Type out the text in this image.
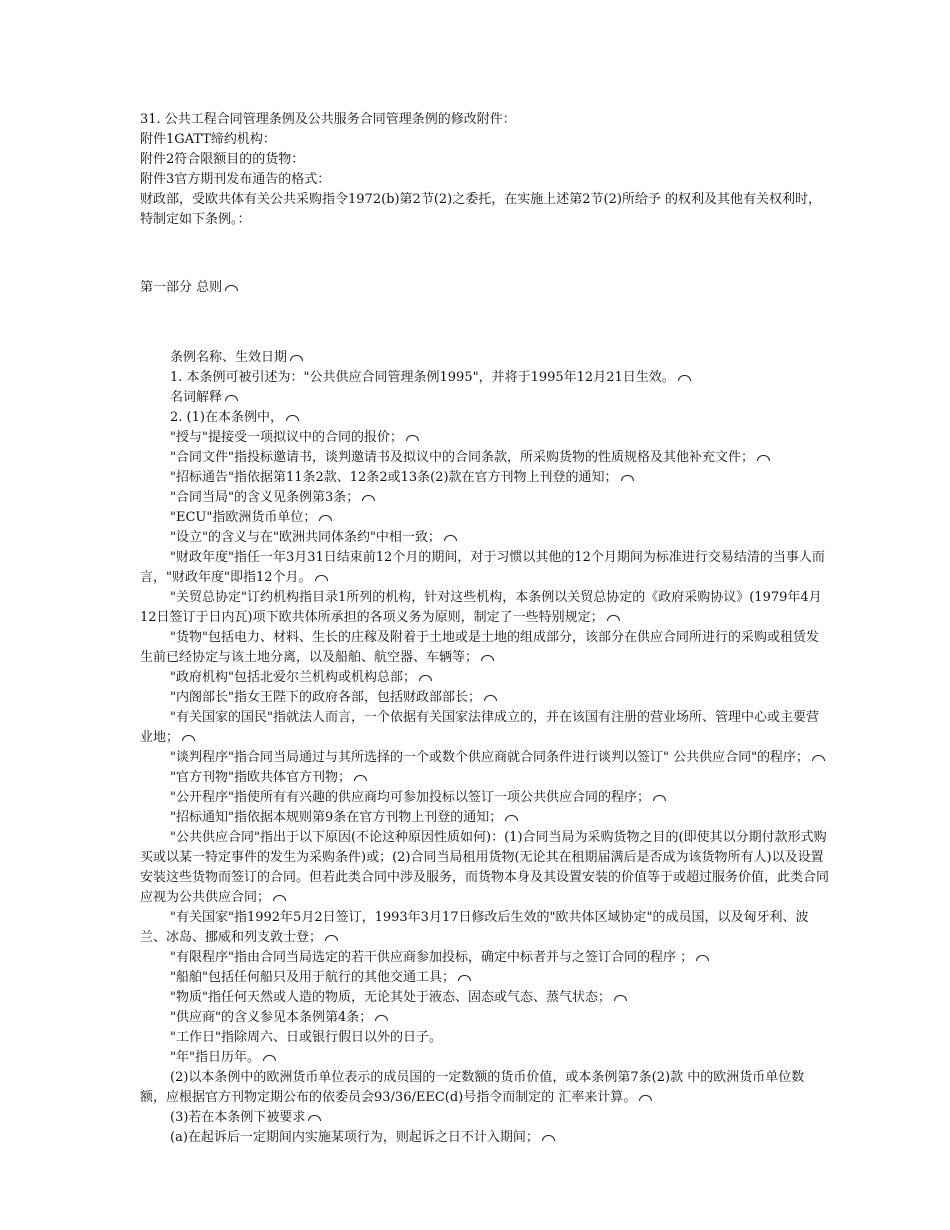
31. 公共工程合同管理条例及公共服务合同管理条例的修改附件：

附件1GATT缔约机构：

附件2符合限额目的的货物：

附件3官方期刊发布通告的格式：

财政部，受欧共体有关公共采购指令1972(b)第2节(2)之委托，在实施上述第2节(2)所给予 的权利及其他有关权利时，特制定如下条例。：

第一部分 总则

条例名称、生效日期

1. 本条例可被引述为："公共供应合同管理条例1995"，并将于1995年12月21日生效。

名词解释

2. (1)在本条例中，

"授与"提接受一项拟议中的合同的报价；

"合同文件"指投标邀请书，谈判邀请书及拟议中的合同条款，所采购货物的性质规格及其他补充文件；

"招标通告"指依据第11条2款、12条2或13条(2)款在官方刊物上刊登的通知；

"合同当局"的含义见条例第3条；

"ECU"指欧洲货币单位；

"设立"的含义与在"欧洲共同体条约"中相一致；

"财政年度"指任一年3月31日结束前12个月的期间，对于习惯以其他的12个月期间为标准进行交易结清的当事人而言，"财政年度"即指12个月。

"关贸总协定"订约机构指目录1所列的机构，针对这些机构，本条例以关贸总协定的《政府采购协议》(1979年4月12日签订于日内瓦)项下欧共体所承担的各项义务为原则，制定了一些特别规定；

"货物"包括电力、材料、生长的庄稼及附着于土地或是土地的组成部分，该部分在供应合同所进行的采购或租赁发生前已经协定与该土地分离，以及船舶、航空器、车辆等；

"政府机构"包括北爱尔兰机构或机构总部；

"内阁部长"指女王陛下的政府各部，包括财政部部长；

"有关国家的国民"指就法人而言，一个依据有关国家法律成立的，并在该国有注册的营业场所、管理中心或主要营业地；

"谈判程序"指合同当局通过与其所选择的一个或数个供应商就合同条件进行谈判以签订" 公共供应合同"的程序；

"官方刊物"指欧共体官方刊物；

"公开程序"指使所有有兴趣的供应商均可参加投标以签订一项公共供应合同的程序；

"招标通知"指依据本规则第9条在官方刊物上刊登的通知；

"公共供应合同"指出于以下原因(不论这种原因性质如何)：(1)合同当局为采购货物之目的(即使其以分期付款形式购买或以某一特定事件的发生为采购条件)或；(2)合同当局租用货物(无论其在租期届满后是否成为该货物所有人)以及设置安装这些货物而签订的合同。但若此类合同中涉及服务，而货物本身及其设置安装的价值等于或超过服务价值，此类合同应视为公共供应合同；

"有关国家"指1992年5月2日签订，1993年3月17日修改后生效的"欧共体区域协定"的成员国，以及匈牙利、波兰、冰岛、挪威和列支敦士登；

"有限程序"指由合同当局选定的若干供应商参加投标，确定中标者并与之签订合同的程序 ；

"船舶"包括任何船只及用于航行的其他交通工具；

"物质"指任何天然或人造的物质，无论其处于液态、固态或气态、蒸气状态；

"供应商"的含义参见本条例第4条；

"工作日"指除周六、日或银行假日以外的日子。

"年"指日历年。

(2)以本条例中的欧洲货币单位表示的成员国的一定数额的货币价值，或本条例第7条(2)款 中的欧洲货币单位数额，应根据官方刊物定期公布的依委员会93/36/EEC(d)号指令而制定的 汇率来计算。

(3)若在本条例下被要求

(a)在起诉后一定期间内实施某项行为，则起诉之日不计入期间；
